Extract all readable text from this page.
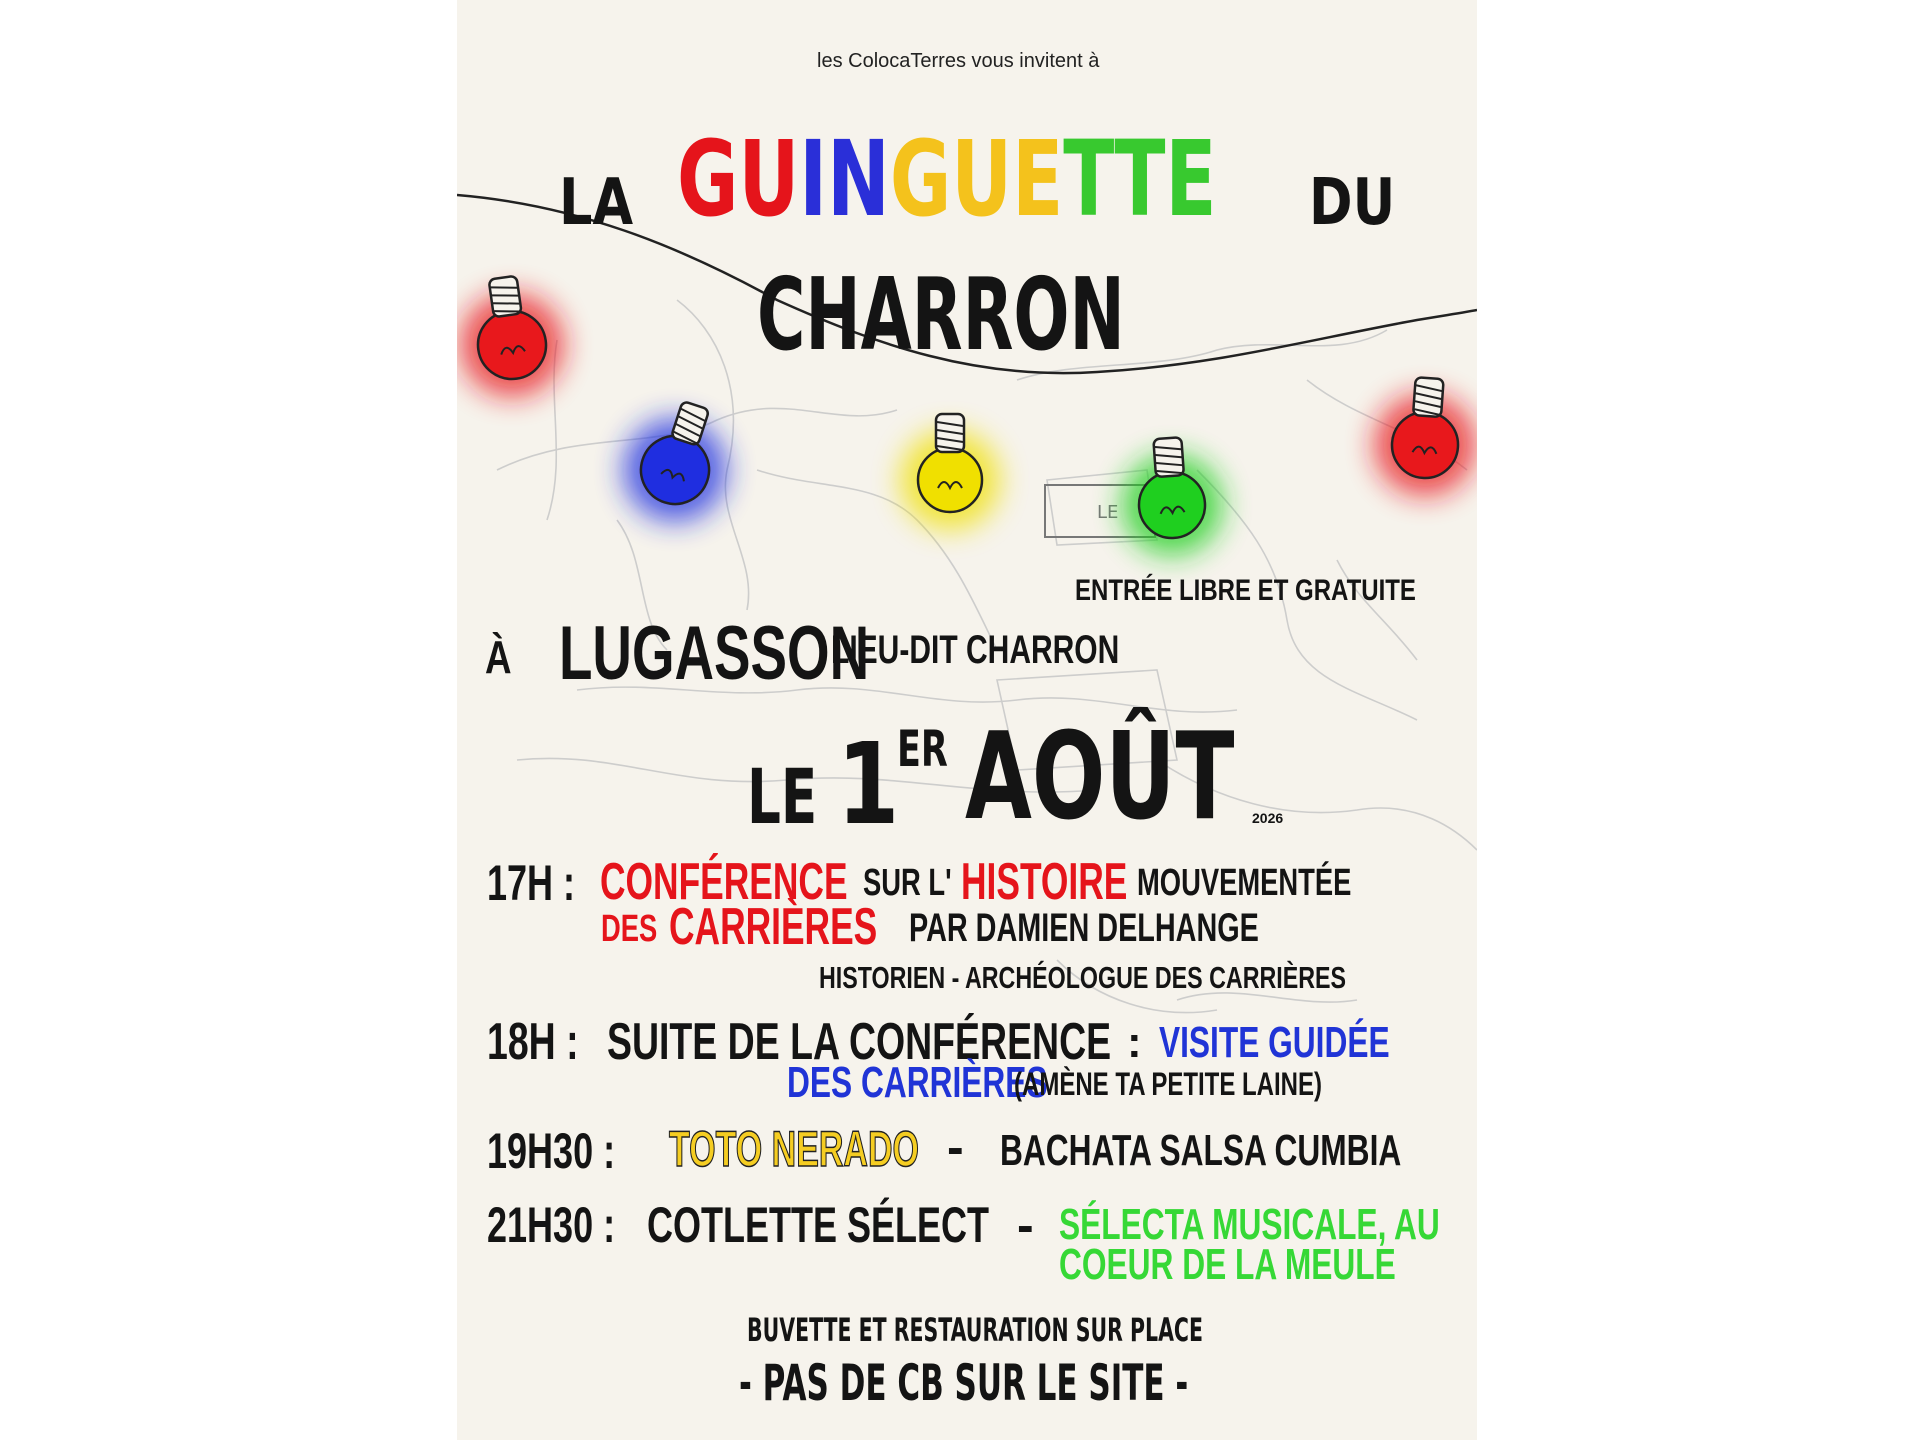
LE
les ColocaTerres vous invitent à
LA GUINGUETTE DU
CHARRON
ENTRÉE LIBRE ET GRATUITE
À LUGASSON
LIEU-DIT CHARRON
LE 1
ER AOÛT 2026
17H : CONFÉRENCE SUR L' HISTOIRE MOUVEMENTÉE
DES CARRIÈRES PAR DAMIEN DELHANGE
HISTORIEN - ARCHÉOLOGUE DES CARRIÈRES
18H : SUITE DE LA CONFÉRENCE : VISITE GUIDÉE
DES CARRIÈRES
(AMÈNE TA PETITE LAINE)
19H30 : TOTO NERADO - BACHATA SALSA CUMBIA
21H30 : COTLETTE SÉLECT - SÉLECTA MUSICALE, AU
COEUR DE LA MEULE
BUVETTE ET RESTAURATION SUR PLACE
- PAS DE CB SUR LE SITE -
